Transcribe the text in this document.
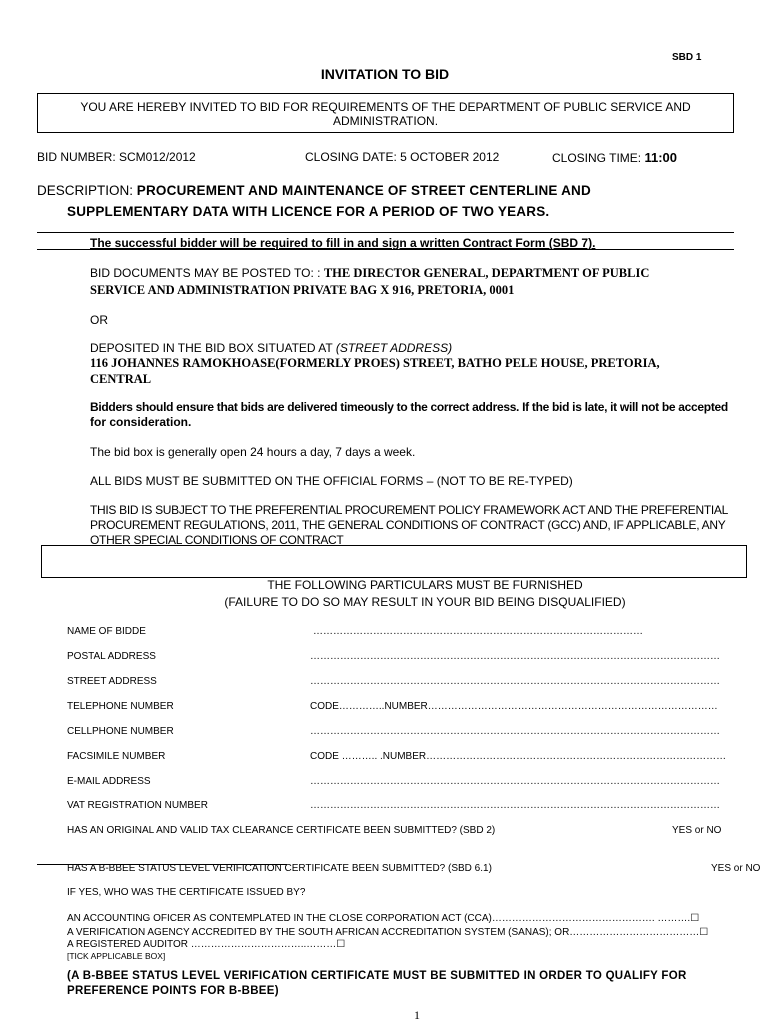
SBD 1
INVITATION TO BID
YOU ARE HEREBY INVITED TO BID FOR REQUIREMENTS OF THE DEPARTMENT OF PUBLIC SERVICE AND
ADMINISTRATION.
BID NUMBER: SCM012/2012	CLOSING DATE: 5 OCTOBER 2012	CLOSING TIME: 11:00
DESCRIPTION: PROCUREMENT AND MAINTENANCE OF STREET CENTERLINE AND
SUPPLEMENTARY DATA WITH LICENCE FOR A PERIOD OF TWO YEARS.
The successful bidder will be required to fill in and sign a written Contract Form (SBD 7).
BID DOCUMENTS MAY BE POSTED TO: : THE DIRECTOR GENERAL, DEPARTMENT OF PUBLIC
SERVICE AND ADMINISTRATION PRIVATE BAG X 916, PRETORIA, 0001
OR
DEPOSITED IN THE BID BOX SITUATED AT (STREET ADDRESS)
116 JOHANNES RAMOKHOASE(FORMERLY PROES) STREET, BATHO PELE HOUSE, PRETORIA,
CENTRAL
Bidders should ensure that bids are delivered timeously to the correct address. If the bid is late, it will not be accepted
for consideration.
The bid box is generally open 24 hours a day, 7 days a week.
ALL BIDS MUST BE SUBMITTED ON THE OFFICIAL FORMS – (NOT TO BE RE-TYPED)
THIS BID IS SUBJECT TO THE PREFERENTIAL PROCUREMENT POLICY FRAMEWORK ACT AND THE PREFERENTIAL
PROCUREMENT REGULATIONS, 2011, THE GENERAL CONDITIONS OF CONTRACT (GCC) AND, IF APPLICABLE, ANY
OTHER SPECIAL CONDITIONS OF CONTRACT
THE FOLLOWING PARTICULARS MUST BE FURNISHED
(FAILURE TO DO SO MAY RESULT IN YOUR BID BEING DISQUALIFIED)
NAME OF BIDDE	………………………………………………………………………………………
POSTAL ADDRESS	……………………………………………………………………………………………………………
STREET ADDRESS	……………………………………………………………………………………………………………
TELEPHONE NUMBER	CODE…………..NUMBER……………………………………………………………………………
CELLPHONE NUMBER	……………………………………………………………………………………………………………
FACSIMILE NUMBER	CODE ……….. .NUMBER………………………………………………………………………………
E-MAIL ADDRESS	……………………………………………………………………………………………………………
VAT REGISTRATION NUMBER	……………………………………………………………………………………………………………
HAS AN ORIGINAL AND VALID TAX CLEARANCE CERTIFICATE BEEN SUBMITTED? (SBD 2)	YES or NO
HAS A B-BBEE STATUS LEVEL VERIFICATION CERTIFICATE BEEN SUBMITTED? (SBD 6.1)	YES or NO
IF YES, WHO WAS THE CERTIFICATE ISSUED BY?
AN ACCOUNTING OFICER AS CONTEMPLATED IN THE CLOSE CORPORATION ACT (CCA)…………………………………………. ……….☐
A VERIFICATION AGENCY ACCREDITED BY THE SOUTH AFRICAN ACCREDITATION SYSTEM (SANAS); OR…………………………………☐
A REGISTERED AUDITOR ……………………………..………☐
[TICK APPLICABLE BOX]
(A B-BBEE STATUS LEVEL VERIFICATION CERTIFICATE MUST BE SUBMITTED IN ORDER TO QUALIFY FOR
PREFERENCE POINTS FOR B-BBEE)
1
